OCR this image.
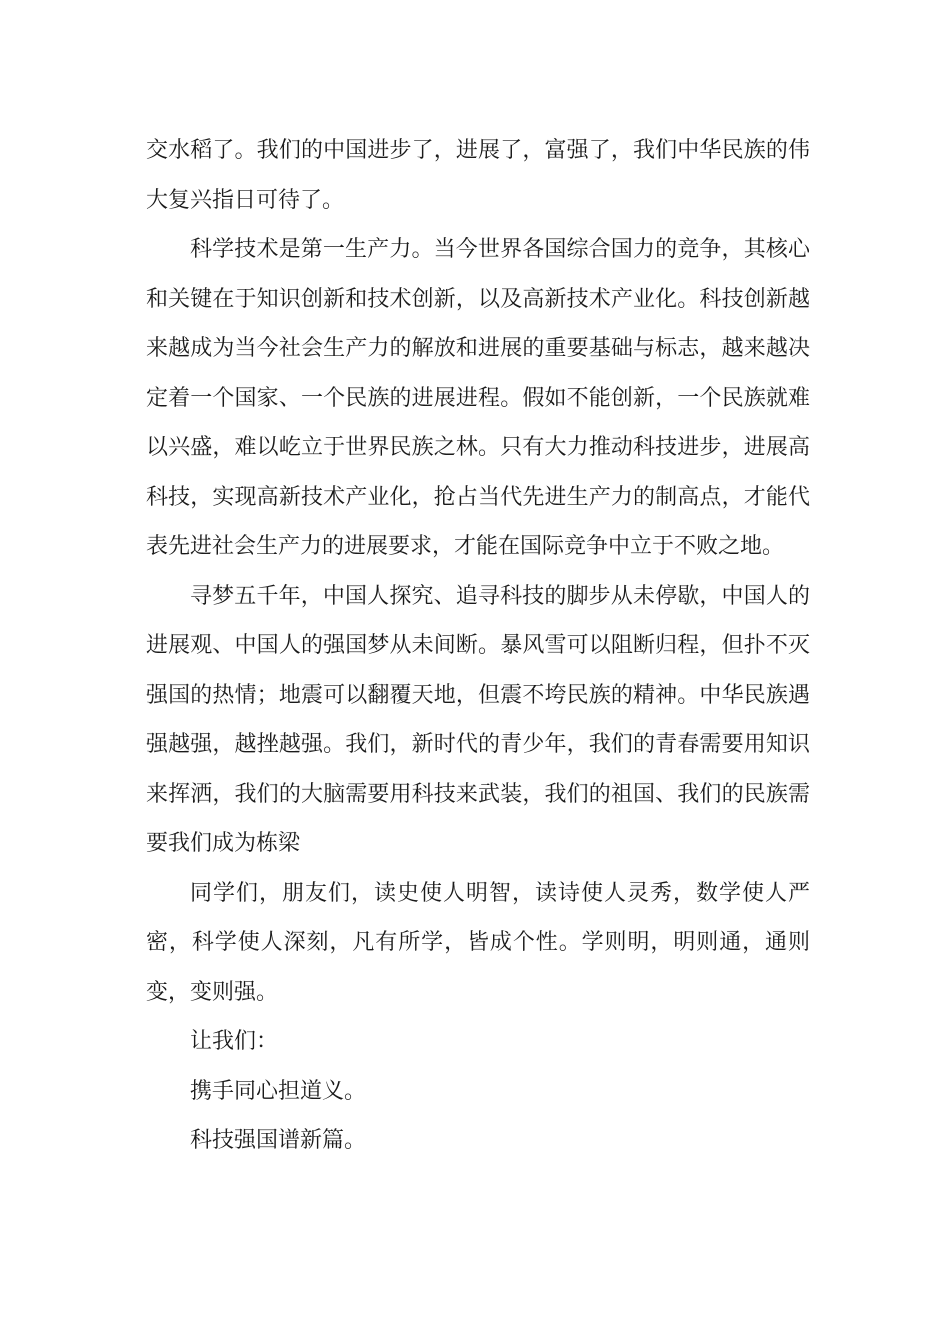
交水稻了。我们的中国进步了，进展了，富强了，我们中华民族的伟大复兴指日可待了。

科学技术是第一生产力。当今世界各国综合国力的竞争，其核心和关键在于知识创新和技术创新，以及高新技术产业化。科技创新越来越成为当今社会生产力的解放和进展的重要基础与标志，越来越决定着一个国家、一个民族的进展进程。假如不能创新，一个民族就难以兴盛，难以屹立于世界民族之林。只有大力推动科技进步，进展高科技，实现高新技术产业化，抢占当代先进生产力的制高点，才能代表先进社会生产力的进展要求，才能在国际竞争中立于不败之地。

寻梦五千年，中国人探究、追寻科技的脚步从未停歇，中国人的进展观、中国人的强国梦从未间断。暴风雪可以阻断归程，但扑不灭强国的热情；地震可以翻覆天地，但震不垮民族的精神。中华民族遇强越强，越挫越强。我们，新时代的青少年，我们的青春需要用知识来挥洒，我们的大脑需要用科技来武装，我们的祖国、我们的民族需要我们成为栋梁

同学们，朋友们，读史使人明智，读诗使人灵秀，数学使人严密，科学使人深刻，凡有所学，皆成个性。学则明，明则通，通则变，变则强。

让我们：

携手同心担道义。

科技强国谱新篇。
